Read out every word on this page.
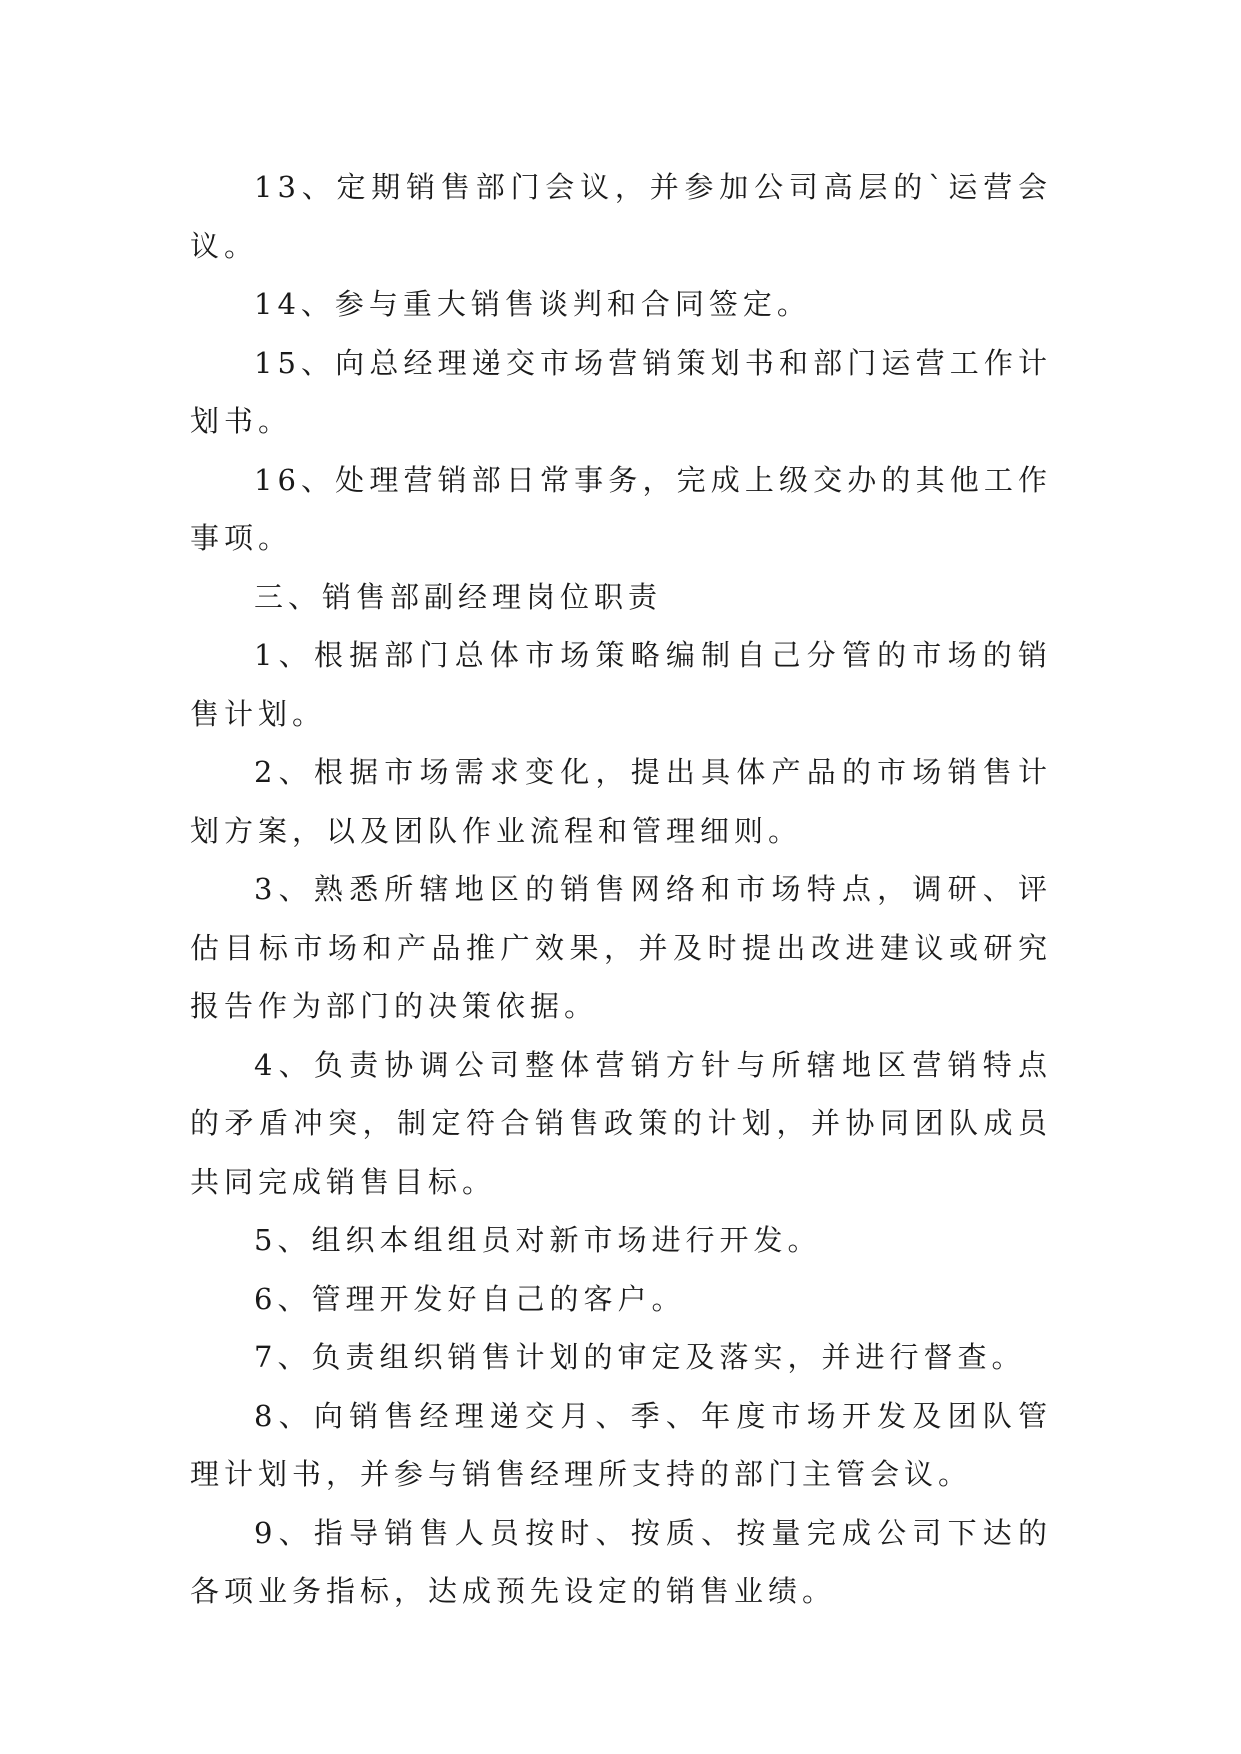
13、定期销售部门会议，并参加公司高层的`运营会议。

14、参与重大销售谈判和合同签定。

15、向总经理递交市场营销策划书和部门运营工作计划书。

16、处理营销部日常事务，完成上级交办的其他工作事项。

三、销售部副经理岗位职责

1、根据部门总体市场策略编制自己分管的市场的销售计划。

2、根据市场需求变化，提出具体产品的市场销售计划方案，以及团队作业流程和管理细则。

3、熟悉所辖地区的销售网络和市场特点，调研、评估目标市场和产品推广效果，并及时提出改进建议或研究报告作为部门的决策依据。

4、负责协调公司整体营销方针与所辖地区营销特点的矛盾冲突，制定符合销售政策的计划，并协同团队成员共同完成销售目标。

5、组织本组组员对新市场进行开发。

6、管理开发好自己的客户。

7、负责组织销售计划的审定及落实，并进行督查。

8、向销售经理递交月、季、年度市场开发及团队管理计划书，并参与销售经理所支持的部门主管会议。

9、指导销售人员按时、按质、按量完成公司下达的各项业务指标，达成预先设定的销售业绩。
